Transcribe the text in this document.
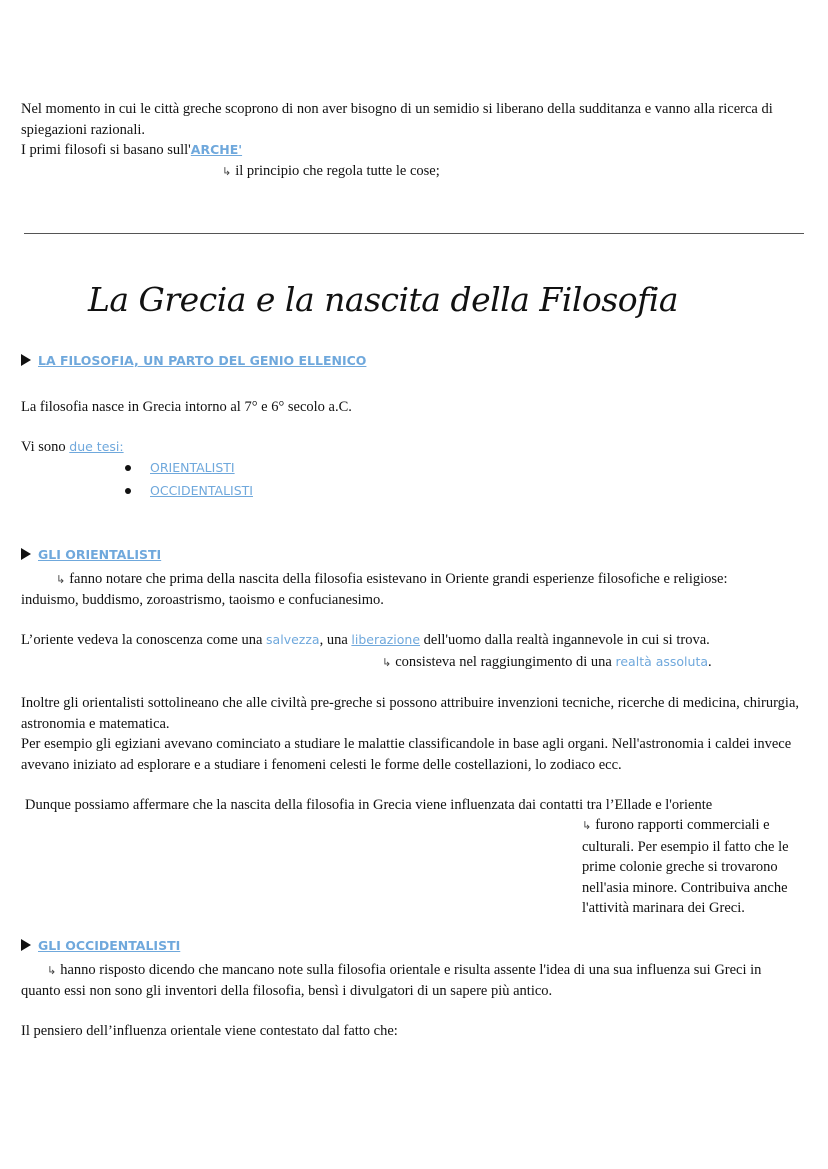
Nel momento in cui le città greche scoprono di non aver bisogno di un semidio si liberano della sudditanza e vanno alla ricerca di spiegazioni razionali.
I primi filosofi si basano sull'ARCHE'
↳ il principio che regola tutte le cose;
La Grecia e la nascita della Filosofia
LA FILOSOFIA, UN PARTO DEL GENIO ELLENICO
La filosofia nasce in Grecia intorno al 7° e 6° secolo a.C.
Vi sono due tesi:
ORIENTALISTI
OCCIDENTALISTI
GLI ORIENTALISTI
↳ fanno notare che prima della nascita della filosofia esistevano in Oriente grandi esperienze filosofiche e religiose:
induismo, buddismo, zoroastrismo, taoismo e confucianesimo.
L’oriente vedeva la conoscenza come una salvezza, una liberazione dell'uomo dalla realtà ingannevole in cui si trova.
↳ consisteva nel raggiungimento di una realtà assoluta.
Inoltre gli orientalisti sottolineano che alle civiltà pre-greche si possono attribuire invenzioni tecniche, ricerche di medicina, chirurgia, astronomia e matematica.
Per esempio gli egiziani avevano cominciato a studiare le malattie classificandole in base agli organi. Nell'astronomia i caldei invece avevano iniziato ad esplorare e a studiare i fenomeni celesti le forme delle costellazioni, lo zodiaco ecc.
Dunque possiamo affermare che la nascita della filosofia in Grecia viene influenzata dai contatti tra l’Ellade e l'oriente
↳ furono rapporti commerciali e culturali. Per esempio il fatto che le prime colonie greche si trovarono nell'asia minore. Contribuiva anche l'attività marinara dei Greci.
GLI OCCIDENTALISTI
↳ hanno risposto dicendo che mancano note sulla filosofia orientale e risulta assente l'idea di una sua influenza sui Greci in
quanto essi non sono gli inventori della filosofia, bensì i divulgatori di un sapere più antico.
Il pensiero dell’influenza orientale viene contestato dal fatto che:
